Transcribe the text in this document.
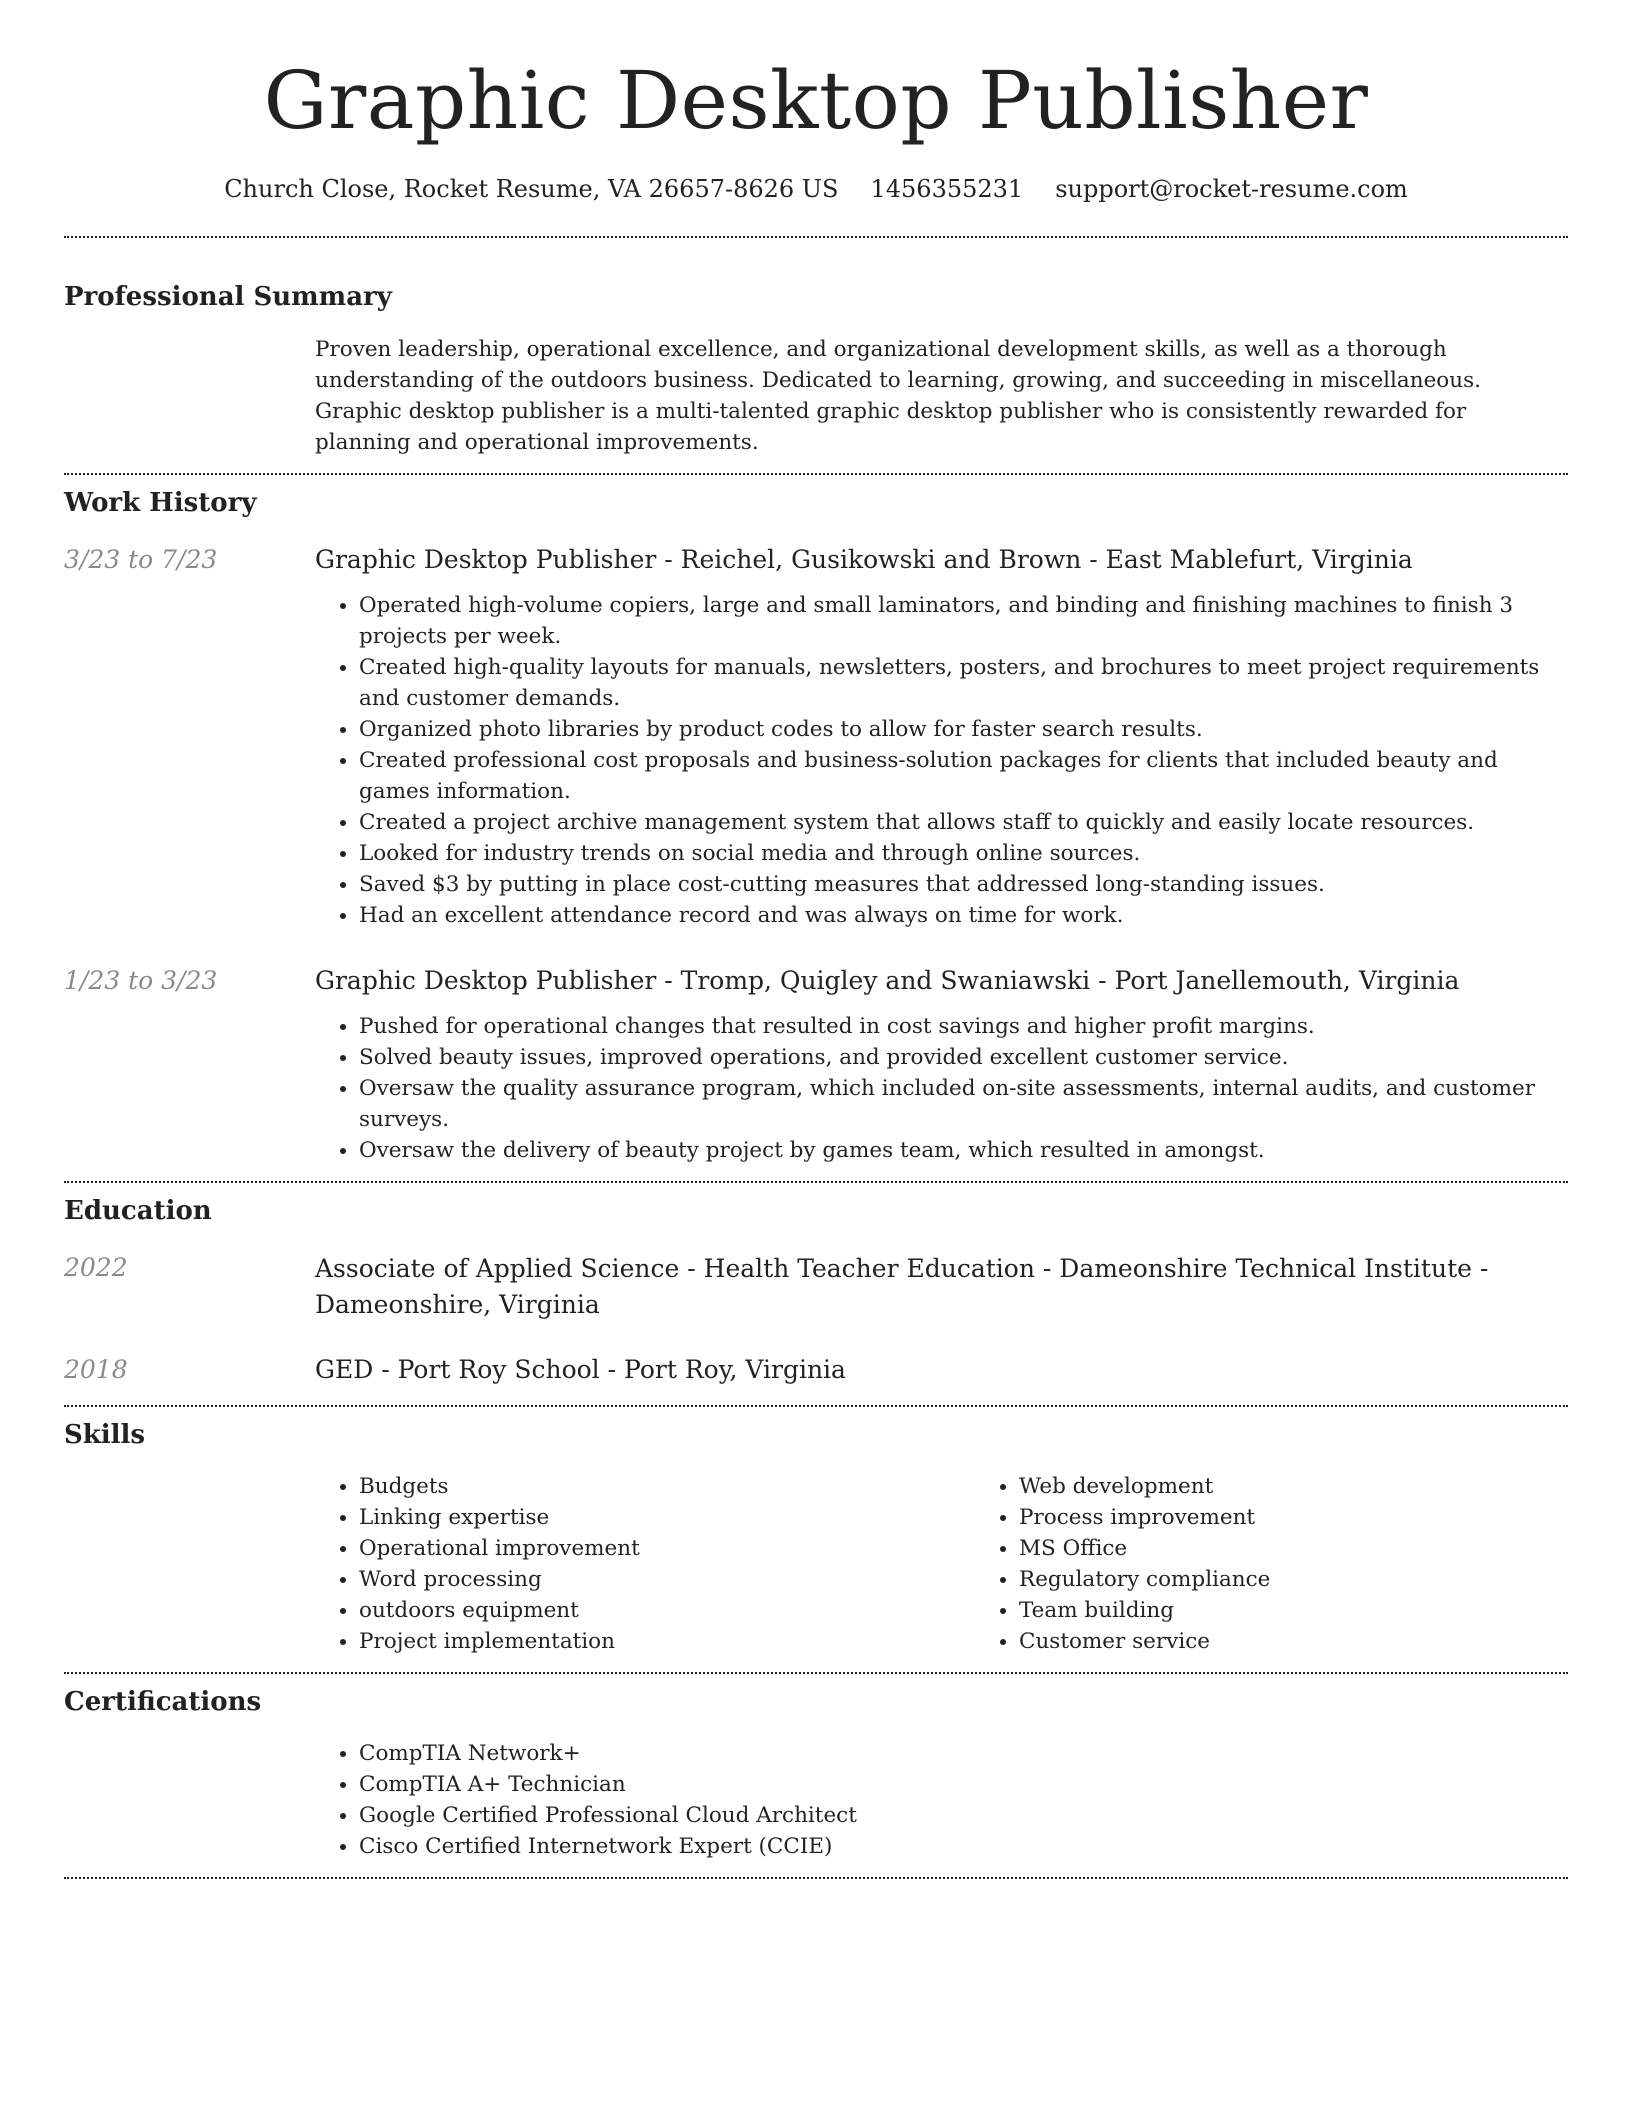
Graphic Desktop Publisher
Church Close, Rocket Resume, VA 26657-8626 US 1456355231 support@rocket-resume.com
Professional Summary
Proven leadership, operational excellence, and organizational development skills, as well as a thorough understanding of the outdoors business. Dedicated to learning, growing, and succeeding in miscellaneous. Graphic desktop publisher is a multi-talented graphic desktop publisher who is consistently rewarded for planning and operational improvements.
Work History
3/23 to 7/23	Graphic Desktop Publisher - Reichel, Gusikowski and Brown - East Mablefurt, Virginia
• Operated high-volume copiers, large and small laminators, and binding and finishing machines to finish 3 projects per week.
• Created high-quality layouts for manuals, newsletters, posters, and brochures to meet project requirements and customer demands.
• Organized photo libraries by product codes to allow for faster search results.
• Created professional cost proposals and business-solution packages for clients that included beauty and games information.
• Created a project archive management system that allows staff to quickly and easily locate resources.
• Looked for industry trends on social media and through online sources.
• Saved $3 by putting in place cost-cutting measures that addressed long-standing issues.
• Had an excellent attendance record and was always on time for work.
1/23 to 3/23	Graphic Desktop Publisher - Tromp, Quigley and Swaniawski - Port Janellemouth, Virginia
• Pushed for operational changes that resulted in cost savings and higher profit margins.
• Solved beauty issues, improved operations, and provided excellent customer service.
• Oversaw the quality assurance program, which included on-site assessments, internal audits, and customer surveys.
• Oversaw the delivery of beauty project by games team, which resulted in amongst.
Education
2022	Associate of Applied Science - Health Teacher Education - Dameonshire Technical Institute - Dameonshire, Virginia
2018	GED - Port Roy School - Port Roy, Virginia
Skills
• Budgets
• Linking expertise
• Operational improvement
• Word processing
• outdoors equipment
• Project implementation
• Web development
• Process improvement
• MS Office
• Regulatory compliance
• Team building
• Customer service
Certifications
• CompTIA Network+
• CompTIA A+ Technician
• Google Certified Professional Cloud Architect
• Cisco Certified Internetwork Expert (CCIE)
